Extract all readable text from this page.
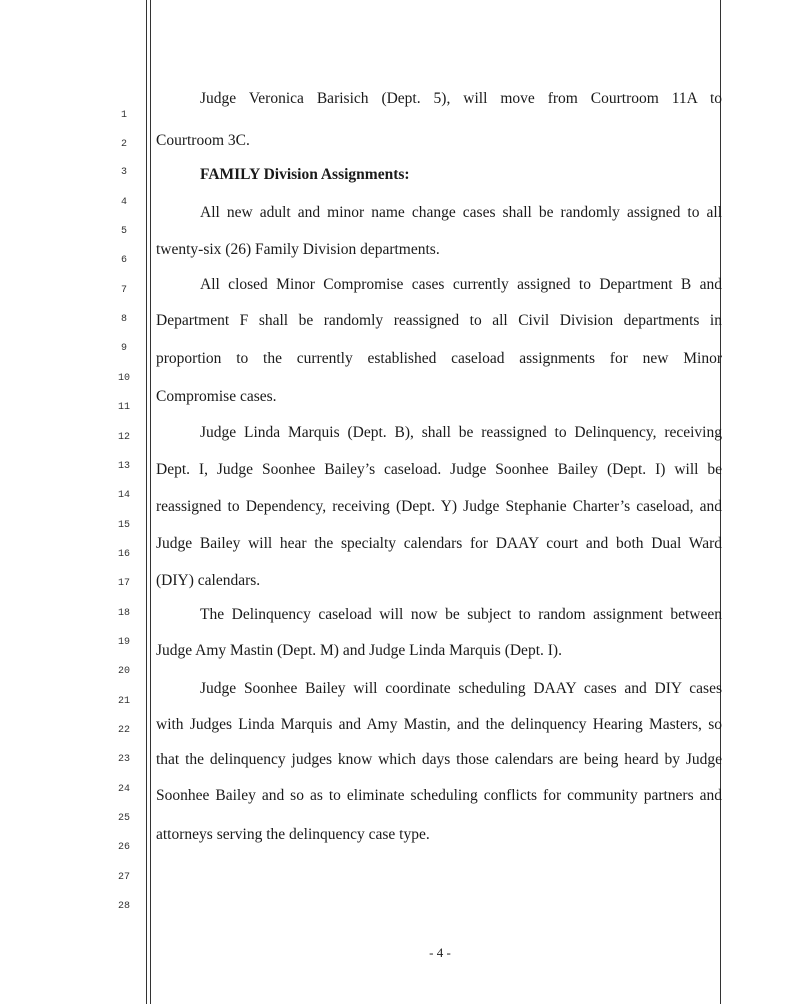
1
2
3
4
5
6
7
8
9
10
11
12
13
14
15
16
17
18
19
20
21
22
23
24
25
26
27
28
Judge Veronica Barisich (Dept. 5), will move from Courtroom 11A to
Courtroom 3C.
FAMILY Division Assignments:
All new adult and minor name change cases shall be randomly assigned to all
twenty-six (26) Family Division departments.
All closed Minor Compromise cases currently assigned to Department B and
Department F shall be randomly reassigned to all Civil Division departments in
proportion to the currently established caseload assignments for new Minor
Compromise cases.
Judge Linda Marquis (Dept. B), shall be reassigned to Delinquency, receiving
Dept. I, Judge Soonhee Bailey’s caseload. Judge Soonhee Bailey (Dept. I) will be
reassigned to Dependency, receiving (Dept. Y) Judge Stephanie Charter’s caseload, and
Judge Bailey will hear the specialty calendars for DAAY court and both Dual Ward
(DIY) calendars.
The Delinquency caseload will now be subject to random assignment between
Judge Amy Mastin (Dept. M) and Judge Linda Marquis (Dept. I).
Judge Soonhee Bailey will coordinate scheduling DAAY cases and DIY cases
with Judges Linda Marquis and Amy Mastin, and the delinquency Hearing Masters, so
that the delinquency judges know which days those calendars are being heard by Judge
Soonhee Bailey and so as to eliminate scheduling conflicts for community partners and
attorneys serving the delinquency case type.
- 4 -
